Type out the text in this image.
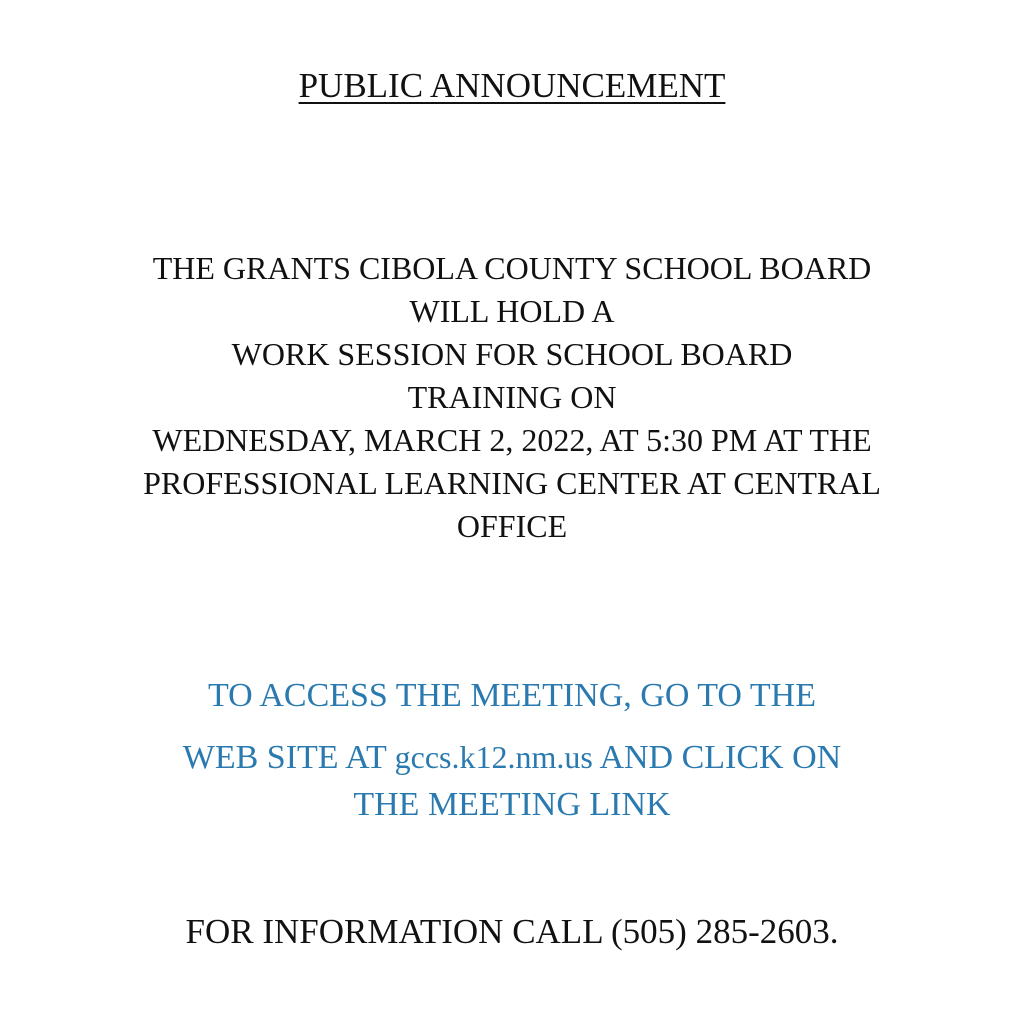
PUBLIC ANNOUNCEMENT
THE GRANTS CIBOLA COUNTY SCHOOL BOARD
WILL HOLD A
WORK SESSION FOR SCHOOL BOARD
TRAINING ON
WEDNESDAY, MARCH 2, 2022, AT 5:30 PM AT THE
PROFESSIONAL LEARNING CENTER AT CENTRAL
OFFICE
TO ACCESS THE MEETING, GO TO THE
WEB SITE AT gccs.k12.nm.us AND CLICK ON
THE MEETING LINK
FOR INFORMATION CALL (505) 285-2603.
